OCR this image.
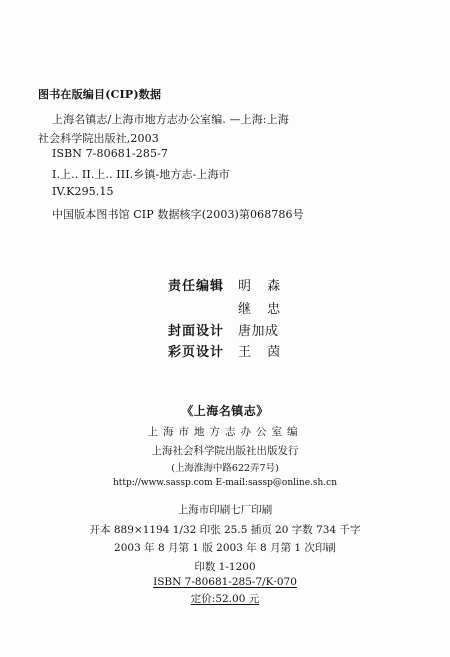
图书在版编目(CIP)数据
上海名镇志/上海市地方志办公室编. —上海:上海
社会科学院出版社,2003
ISBN 7-80681-285-7
I.上.. II.上.. III.乡镇-地方志-上海市
IV.K295.15
中国版本图书馆 CIP 数据核字(2003)第068786号
责任编辑 明 森
继 忠
封面设计 唐加成
彩页设计 王 茵
《上海名镇志》
上海市地方志办公室编
上海社会科学院出版社出版发行
(上海淮海中路622弄7号)
http://www.sassp.com E-mail:sassp@online.sh.cn
上海市印刷七厂印刷
开本 889×1194 1/32 印张 25.5 插页 20 字数 734 千字
2003 年 8 月第 1 版 2003 年 8 月第 1 次印刷
印数 1-1200
ISBN 7-80681-285-7/K·070
定价:52.00 元
